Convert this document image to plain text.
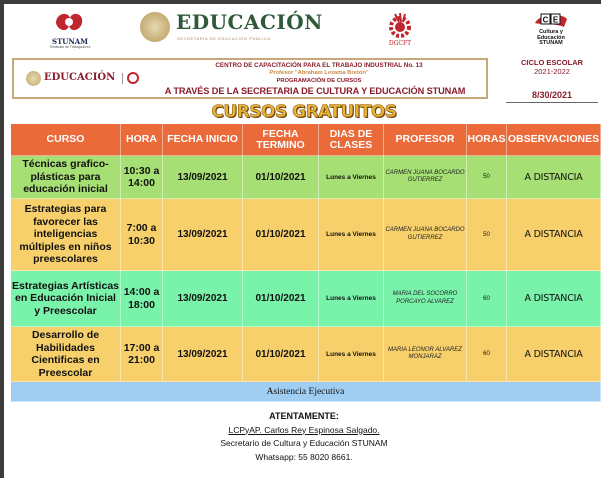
STUNAM
Sindicato de Trabajadores
EDUCACIÓN
SECRETARÍA DE EDUCACIÓN PÚBLICA
DGCFT
C E
Cultura y
Educación
STUNAM
EDUCACIÓN
CENTRO DE CAPACITACIÓN PARA EL TRABAJO INDUSTRIAL No. 13
Profesor "Abraham Lezama Bretón"
PROGRAMACIÓN DE CURSOS
A TRAVÉS DE LA SECRETARIA DE CULTURA Y EDUCACIÓN STUNAM
CICLO ESCOLAR
2021-2022
8/30/2021
CURSOS GRATUITOS
CURSO	HORA	FECHA INICIO	FECHA TERMINO	DIAS DE CLASES	PROFESOR	HORAS	OBSERVACIONES
Técnicas grafico-plásticas para educación inicial	10:30 a 14:00	13/09/2021	01/10/2021	Lunes a Viernes	CARMEN JUANA BOCARDO GUTIERREZ	50	A DISTANCIA
Estrategias para favorecer las inteligencias múltiples en niños preescolares	7:00 a 10:30	13/09/2021	01/10/2021	Lunes a Viernes	CARMEN JUANA BOCARDO GUTIERREZ	50	A DISTANCIA
Estrategias Artísticas en Educación Inicial y Preescolar	14:00 a 18:00	13/09/2021	01/10/2021	Lunes a Viernes	MARIA DEL SOCORRO PORCAYO ALVAREZ	60	A DISTANCIA
Desarrollo de Habilidades Cientificas en Preescolar	17:00 a 21:00	13/09/2021	01/10/2021	Lunes a Viernes	MARIA LEONOR ALVAREZ MONJARAZ	60	A DISTANCIA
Asistencia Ejecutiva							
ATENTAMENTE:
LCPyAP. Carlos Rey Espinosa Salgado.
Secretario de Cultura y Educación STUNAM
Whatsapp: 55 8020 8661.
